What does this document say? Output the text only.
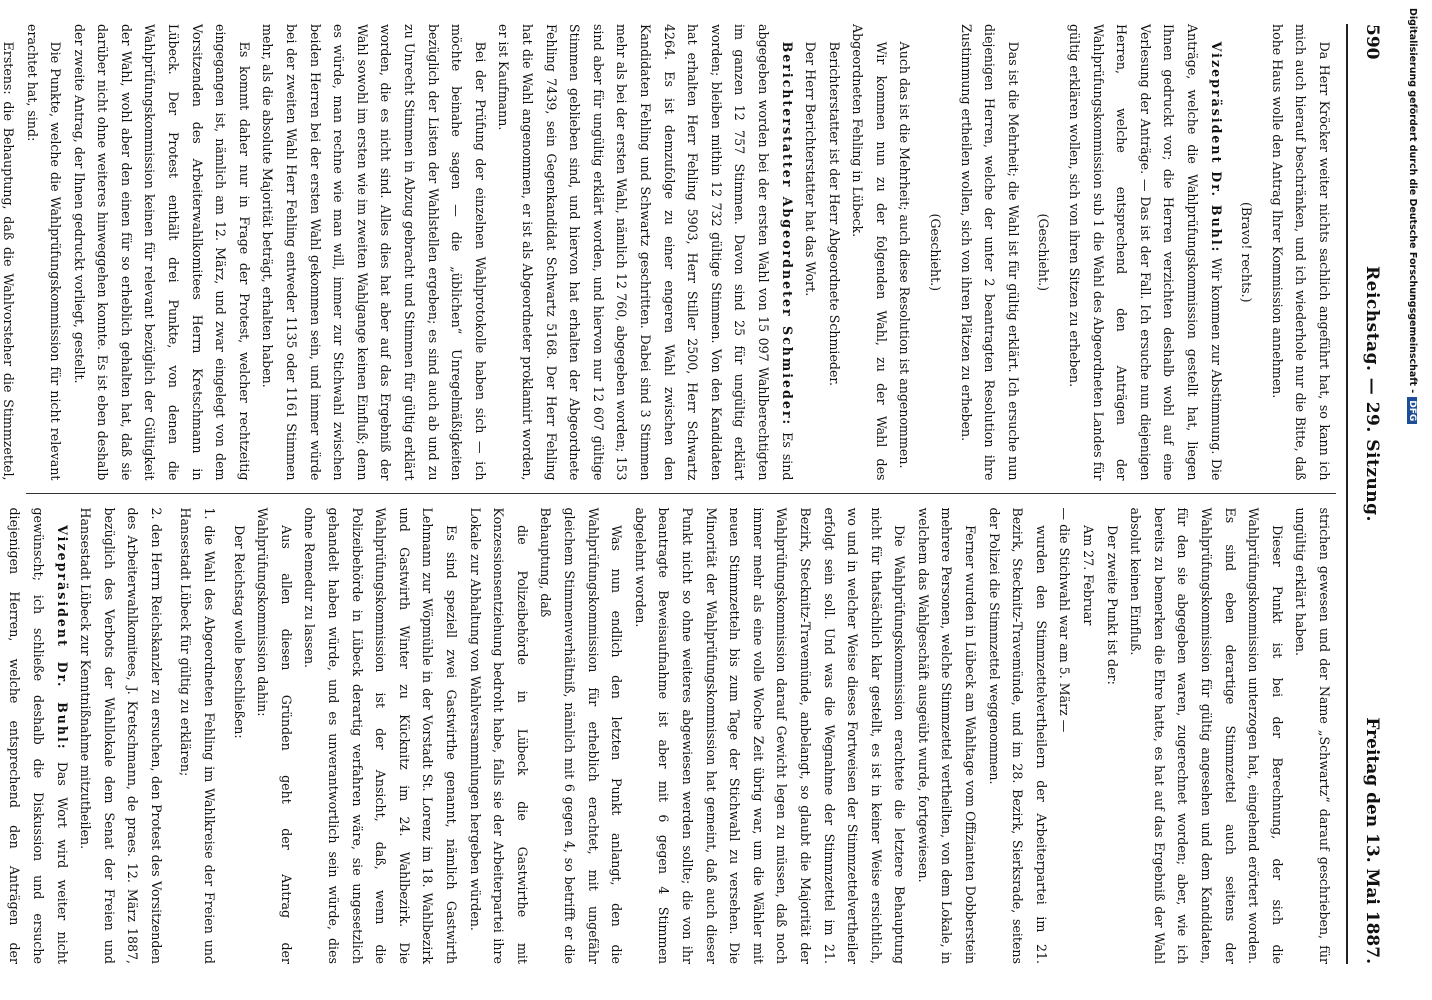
590
Reichstag. — 29. Sitzung.
Freitag den 13. Mai 1887.

Da Herr Kröcker weiter nichts sachlich angeführt hat, so kann ich mich auch hierauf beschränken, und ich wiederhole nur die Bitte, daß hohe Haus wolle den Antrag Ihrer Kommission annehmen.

(Bravo! rechts.)

Vizepräsident Dr. Buhl: Wir kommen zur Abstimmung. Die Anträge, welche die Wahlprüfungskommission gestellt hat, liegen Ihnen gedruckt vor; die Herren verzichten deshalb wohl auf eine Verlesung der Anträge. — Das ist der Fall. Ich ersuche nun diejenigen Herren, welche entsprechend den Anträgen der Wahlprüfungskommission sub 1 die Wahl des Abgeordneten Landes für gültig erklären wollen, sich von ihren Sitzen zu erheben.

(Geschieht.)

Das ist die Mehrheit; die Wahl ist für gültig erklärt. Ich ersuche nun diejenigen Herren, welche der unter 2 beantragten Resolution ihre Zustimmung ertheilen wollen, sich von ihren Plätzen zu erheben.

(Geschieht.)

Auch das ist die Mehrheit; auch diese Resolution ist angenommen.

Wir kommen nun zu der folgenden Wahl, zu der Wahl des Abgeordneten Fehling in Lübeck.

Berichterstatter ist der Herr Abgeordnete Schmieder.

Der Herr Berichterstatter hat das Wort.

Berichterstatter Abgeordneter Schmieder: Es sind abgegeben worden bei der ersten Wahl von 15 097 Wahlberechtigten im ganzen 12 757 Stimmen. Davon sind 25 für ungültig erklärt worden; bleiben mithin 12 732 gültige Stimmen. Von den Kandidaten hat erhalten Herr Fehling 5903, Herr Stiller 2500, Herr Schwartz 4264. Es ist demzufolge zu einer engeren Wahl zwischen den Kandidaten Fehling und Schwartz geschritten. Dabei sind 3 Stimmen mehr als bei der ersten Wahl, nämlich 12 760, abgegeben worden; 153 sind aber für ungültig erklärt worden, und hiervon nur 12 607 gültige Stimmen geblieben sind, und hiervon hat erhalten der Abgeordnete Fehling 7439, sein Gegenkandidat Schwartz 5168. Der Herr Fehling hat die Wahl angenommen, er ist als Abgeordneter proklamirt worden, er ist Kaufmann.

Bei der Prüfung der einzelnen Wahlprotokolle haben sich — ich möchte beinahe sagen — die „üblichen“ Unregelmäßigkeiten bezüglich der Listen der Wahlstellen ergeben; es sind auch ab und zu zu Unrecht Stimmen in Abzug gebracht und Stimmen für gültig erklärt worden, die es nicht sind. Alles dies hat aber auf das Ergebniß der Wahl sowohl im ersten wie im zweiten Wahlgange keinen Einfluß; denn es würde, man rechne wie man will, immer zur Stichwahl zwischen beiden Herren bei der ersten Wahl gekommen sein, und immer würde bei der zweiten Wahl Herr Fehling entweder 1135 oder 1161 Stimmen mehr, als die absolute Majorität beträgt, erhalten haben.

Es kommt daher nur in Frage der Protest, welcher rechtzeitig eingegangen ist, nämlich am 12. März, und zwar eingelegt von dem Vorsitzenden des Arbeiterwahlkomitees Herrn Kretschmann in Lübeck. Der Protest enthält drei Punkte, von denen die Wahlprüfungskommission keinen für relevant bezüglich der Gültigkeit der Wahl, wohl aber den einen für so erheblich gehalten hat, daß sie darüber nicht ohne weiteres hinweggehen konnte. Es ist eben deshalb der zweite Antrag, der Ihnen gedruckt vorliegt, gestellt.

Die Punkte, welche die Wahlprüfungskommission für nicht relevant erachtet hat, sind:

Erstens: die Behauptung, daß die Wahlvorsteher die Stimmzettel,

strichen gewesen und der Name „Schwartz“ darauf geschrieben, für ungültig erklärt haben.

Dieser Punkt ist bei der Berechnung, der sich die Wahlprüfungskommission unterzogen hat, eingehend erörtert worden. Es sind eben derartige Stimmzettel auch seitens der Wahlprüfungskommission für gültig angesehen und dem Kandidaten, für den sie abgegeben waren, zugerechnet worden; aber, wie ich bereits zu bemerken die Ehre hatte, es hat auf das Ergebniß der Wahl absolut keinen Einfluß.

Der zweite Punkt ist der:

Am 27. Februar

— die Stichwahl war am 5. März —

wurden den Stimmzettelvertheilern der Arbeiterpartei im 21. Bezirk, Stecknitz-Travemünde, und im 28. Bezirk, Sierksrade, seitens der Polizei die Stimmzettel weggenommen.

Ferner wurden in Lübeck am Wahltage vom Offizianten Dobberstein mehrere Personen, welche Stimmzettel vertheilten, von dem Lokale, in welchem das Wahlgeschäft ausgeübt wurde, fortgewiesen.

Die Wahlprüfungskommission erachtete die letztere Behauptung nicht für thatsächlich klar gestellt, es ist in keiner Weise ersichtlich, wo und in welcher Weise dieses Fortweisen der Stimmzettelvertheiler erfolgt sein soll. Und was die Wegnahme der Stimmzettel im 21. Bezirk, Stecknitz-Travemünde, anbelangt, so glaubt die Majorität der Wahlprüfungskommission darauf Gewicht legen zu müssen, daß noch immer mehr als eine volle Woche Zeit übrig war, um die Wähler mit neuen Stimmzetteln bis zum Tage der Stichwahl zu versehen. Die Minorität der Wahlprüfungskommission hat gemeint, daß auch dieser Punkt nicht so ohne weiteres abgewiesen werden sollte; die von ihr beantragte Beweisaufnahme ist aber mit 6 gegen 4 Stimmen abgelehnt worden.

Was nun endlich den letzten Punkt anlangt, den die Wahlprüfungskommission für erheblich erachtet, mit ungefähr gleichem Stimmenverhältniß, nämlich mit 6 gegen 4, so betrifft er die Behauptung, daß

die Polizeibehörde in Lübeck die Gastwirthe mit Konzessionsentziehung bedroht habe, falls sie der Arbeiterpartei ihre Lokale zur Abhaltung von Wahlversammlungen hergeben würden.

Es sind speziell zwei Gastwirthe genannt, nämlich Gastwirth Lehmann zur Wöpmühle in der Vorstadt St. Lorenz im 18. Wahlbezirk und Gastwirth Winter zu Kücknitz im 24. Wahlbezirk. Die Wahlprüfungskommission ist der Ansicht, daß, wenn die Polizeibehörde in Lübeck derartig verfahren wäre, sie ungesetzlich gehandelt haben würde, und es unverantwortlich sein würde, dies ohne Remedur zu lassen.

Aus allen diesen Gründen geht der Antrag der Wahlprüfungskommission dahin:

Der Reichstag wolle beschließen:

1. die Wahl des Abgeordneten Fehling im Wahlkreise der Freien und Hansestadt Lübeck für gültig zu erklären;

2. den Herrn Reichskanzler zu ersuchen, den Protest des Vorsitzenden des Arbeiterwahlkomitees, J. Kretschmann, de praes. 12. März 1887, bezüglich des Verbots der Wahllokale dem Senat der Freien und Hansestadt Lübeck zur Kenntnißnahme mitzutheilen.

Vizepräsident Dr. Buhl: Das Wort wird weiter nicht gewünscht; ich schließe deshalb die Diskussion und ersuche diejenigen Herren, welche entsprechend den Anträgen der

Digitalisierung gefördert durch die Deutsche Forschungsgemeinschaft -DFG
